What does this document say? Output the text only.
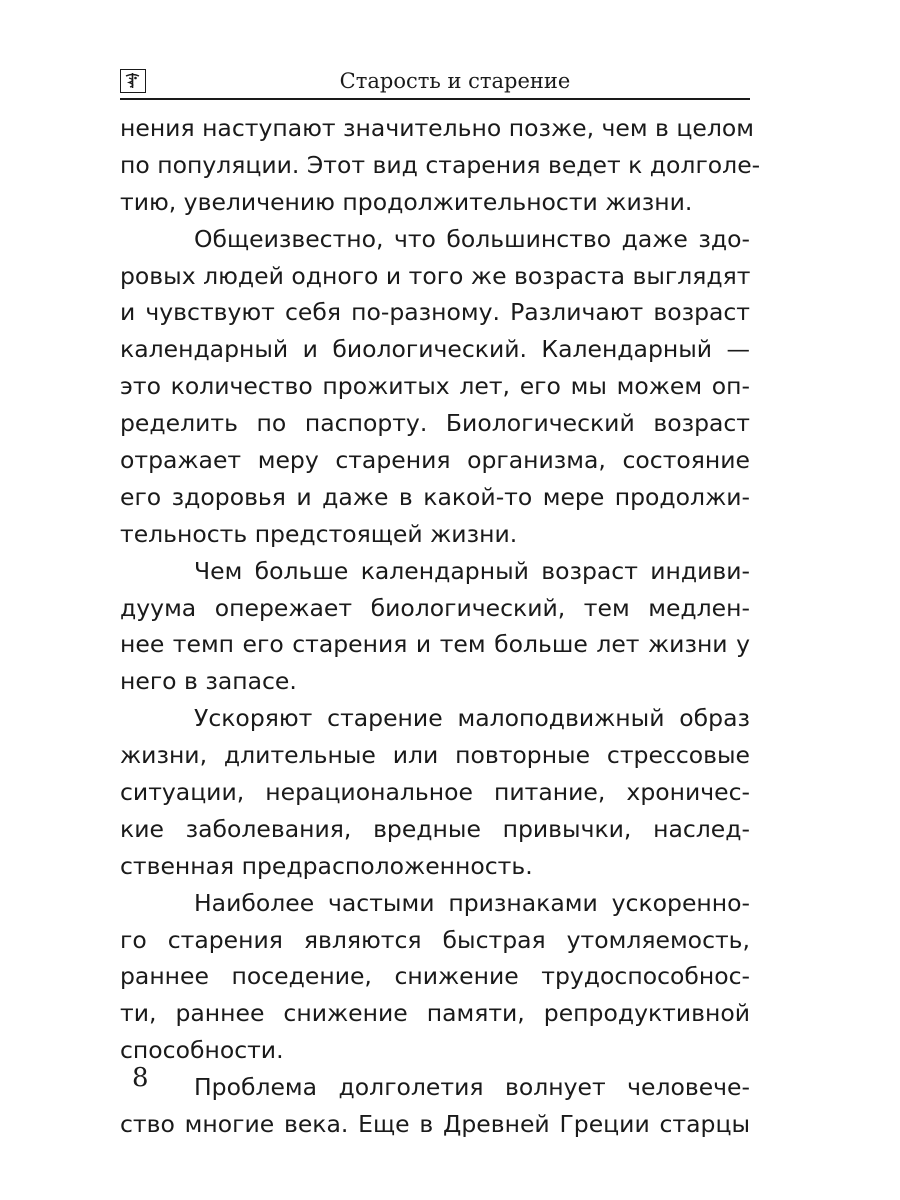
Старость и старение
нения наступают значительно позже, чем в целом
по популяции. Этот вид старения ведет к долголе-
тию, увеличению продолжительности жизни.
Общеизвестно, что большинство даже здо-
ровых людей одного и того же возраста выглядят
и чувствуют себя по-разному. Различают возраст
календарный и биологический. Календарный —
это количество прожитых лет, его мы можем оп-
ределить по паспорту. Биологический возраст
отражает меру старения организма, состояние
его здоровья и даже в какой-то мере продолжи-
тельность предстоящей жизни.
Чем больше календарный возраст индиви-
дуума опережает биологический, тем медлен-
нее темп его старения и тем больше лет жизни у
него в запасе.
Ускоряют старение малоподвижный образ
жизни, длительные или повторные стрессовые
ситуации, нерациональное питание, хроничес-
кие заболевания, вредные привычки, наслед-
ственная предрасположенность.
Наиболее частыми признаками ускоренно-
го старения являются быстрая утомляемость,
раннее поседение, снижение трудоспособнос-
ти, раннее снижение памяти, репродуктивной
способности.
Проблема долголетия волнует человече-
ство многие века. Еще в Древней Греции старцы
8
